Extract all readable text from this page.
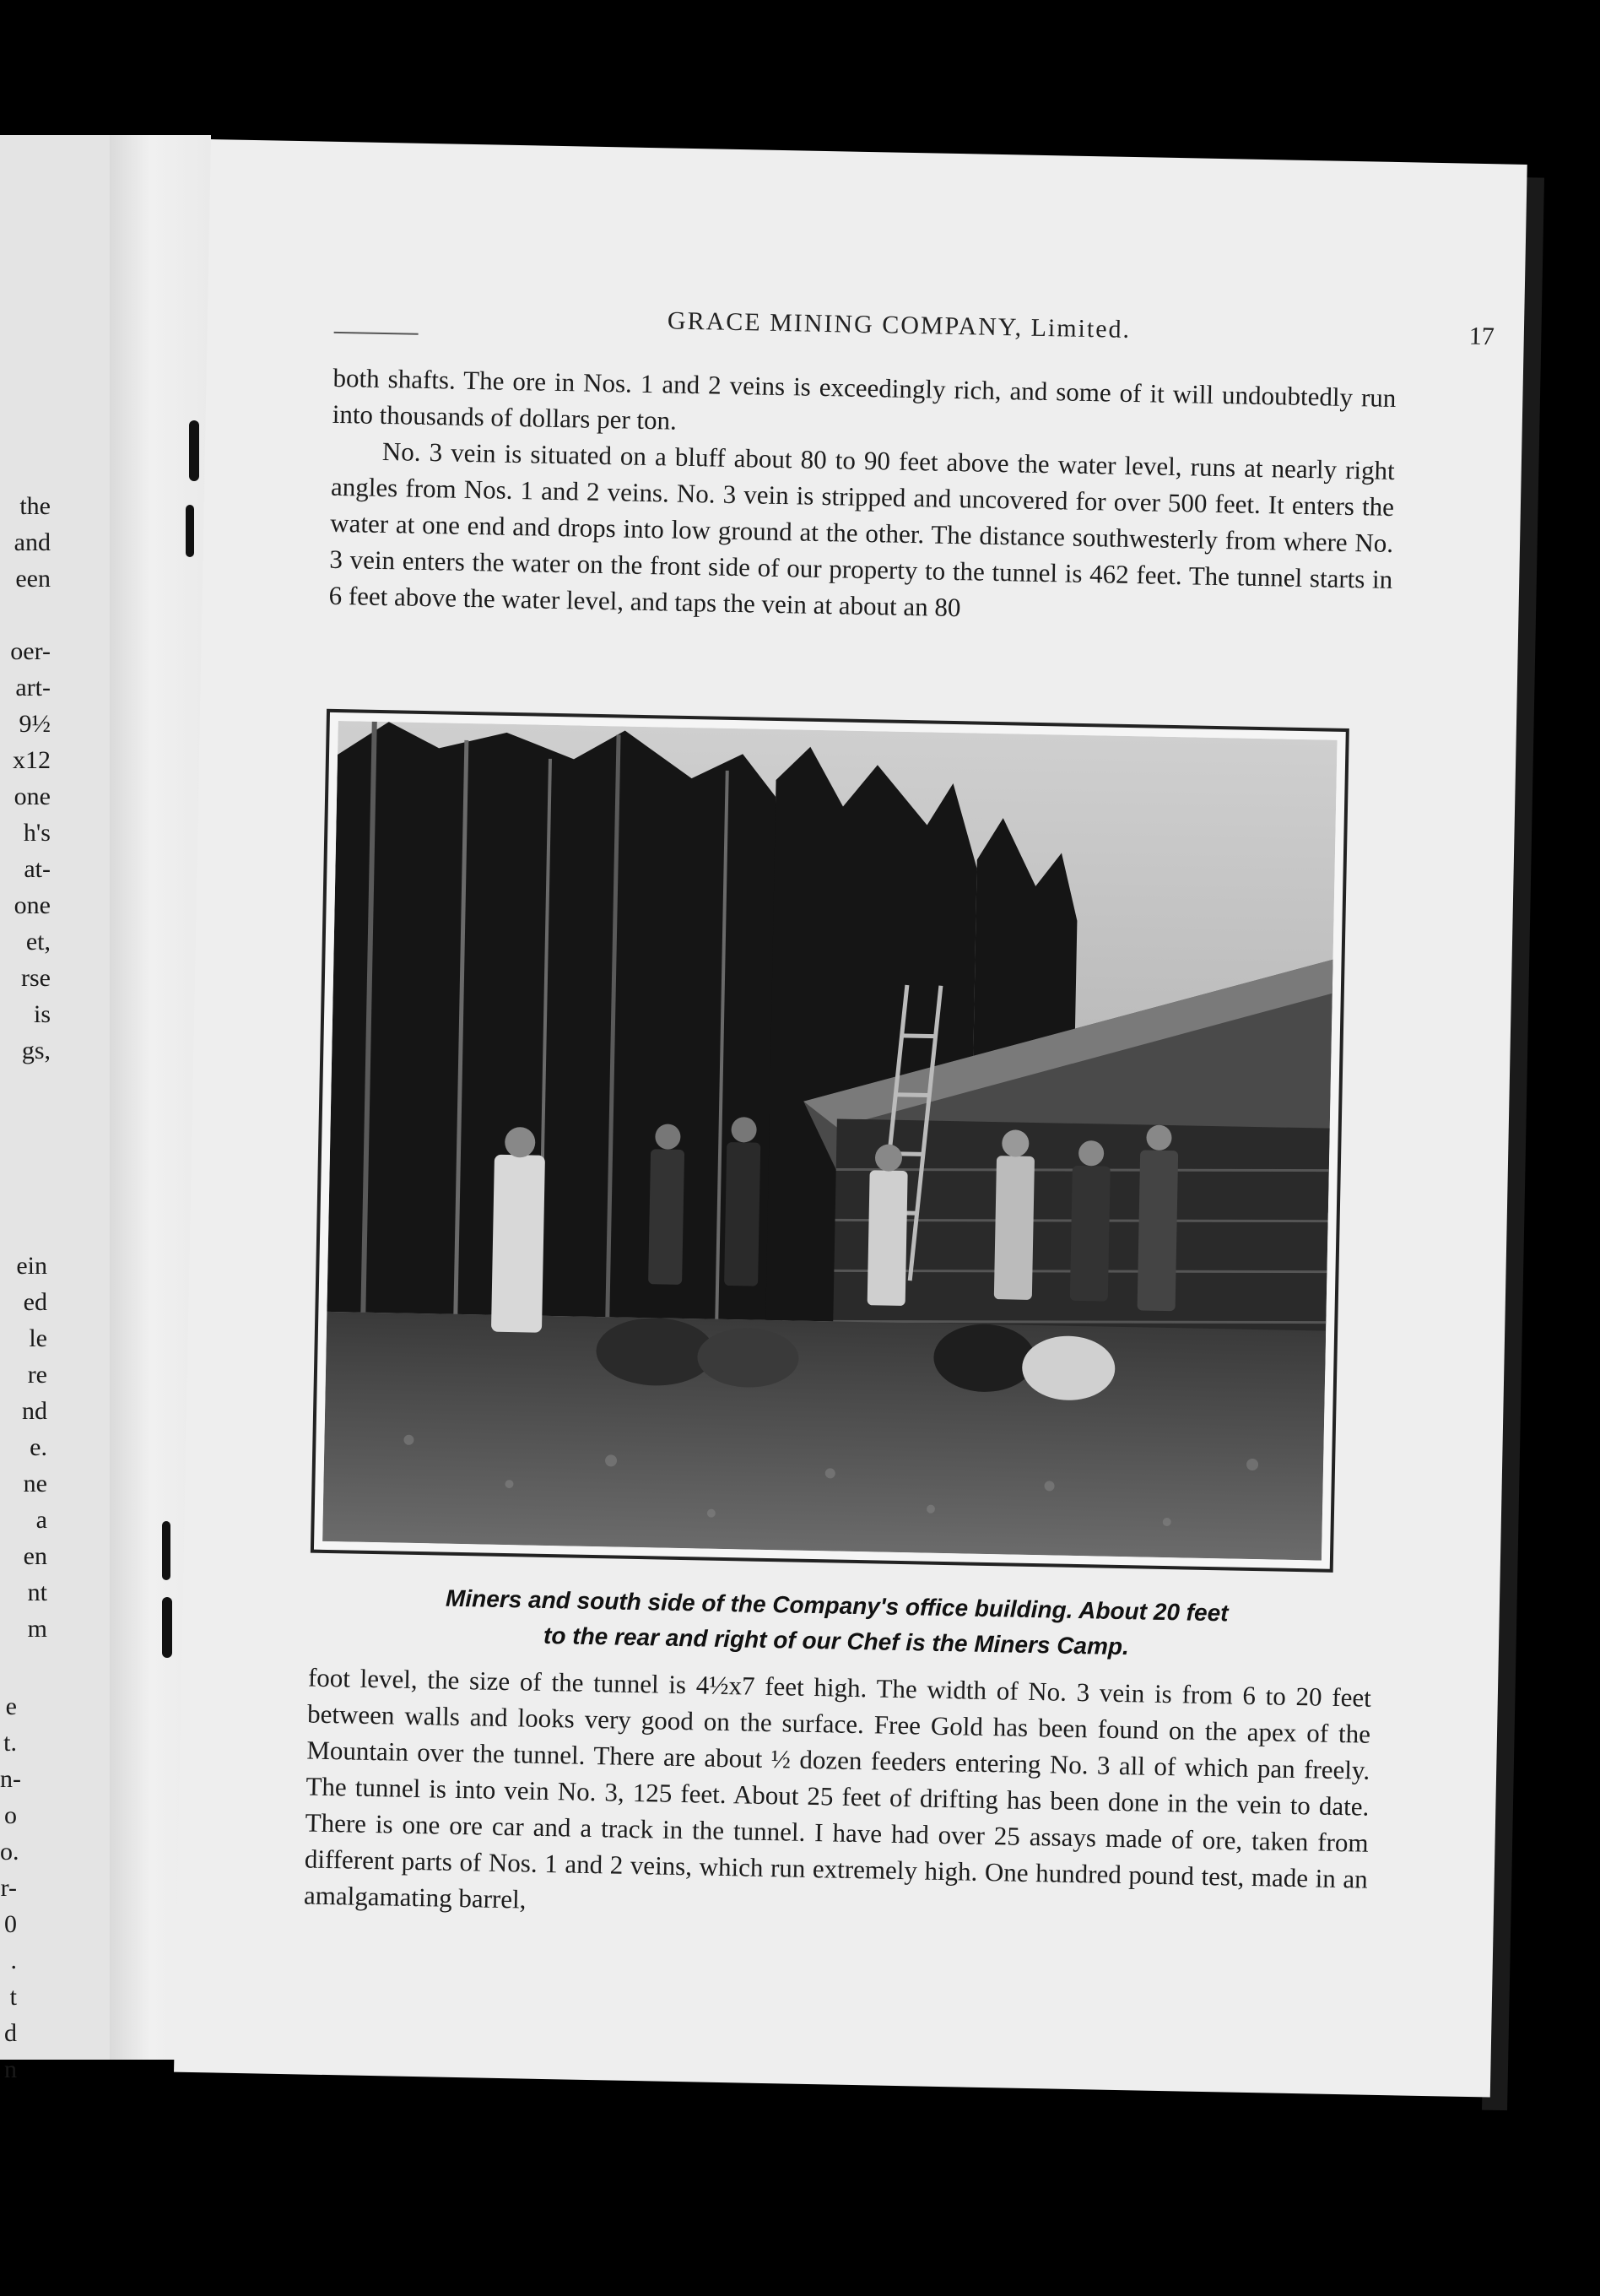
the
and
een
oer-
art-
9½
x12
one
h's
at-
one
et,
rse
is
gs,
ein
ed
le
re
nd
e.
ne
a
en
nt
m
e
t.
n-
o
o.
r-
0
.
t
d
n
GRACE MINING COMPANY, Limited.	17

both shafts. The ore in Nos. 1 and 2 veins is exceedingly rich, and some of it will undoubtedly run into thousands of dollars per ton.

No. 3 vein is situated on a bluff about 80 to 90 feet above the water level, runs at nearly right angles from Nos. 1 and 2 veins. No. 3 vein is stripped and uncovered for over 500 feet. It enters the water at one end and drops into low ground at the other. The distance southwesterly from where No. 3 vein enters the water on the front side of our property to the tunnel is 462 feet. The tunnel starts in 6 feet above the water level, and taps the vein at about an 80

Miners and south side of the Company's office building. About 20 feet
to the rear and right of our Chef is the Miners Camp.

foot level, the size of the tunnel is 4½x7 feet high. The width of No. 3 vein is from 6 to 20 feet between walls and looks very good on the surface. Free Gold has been found on the apex of the Mountain over the tunnel. There are about ½ dozen feeders entering No. 3 all of which pan freely. The tunnel is into vein No. 3, 125 feet. About 25 feet of drifting has been done in the vein to date. There is one ore car and a track in the tunnel. I have had over 25 assays made of ore, taken from different parts of Nos. 1 and 2 veins, which run extremely high. One hundred pound test, made in an amalgamating barrel,
